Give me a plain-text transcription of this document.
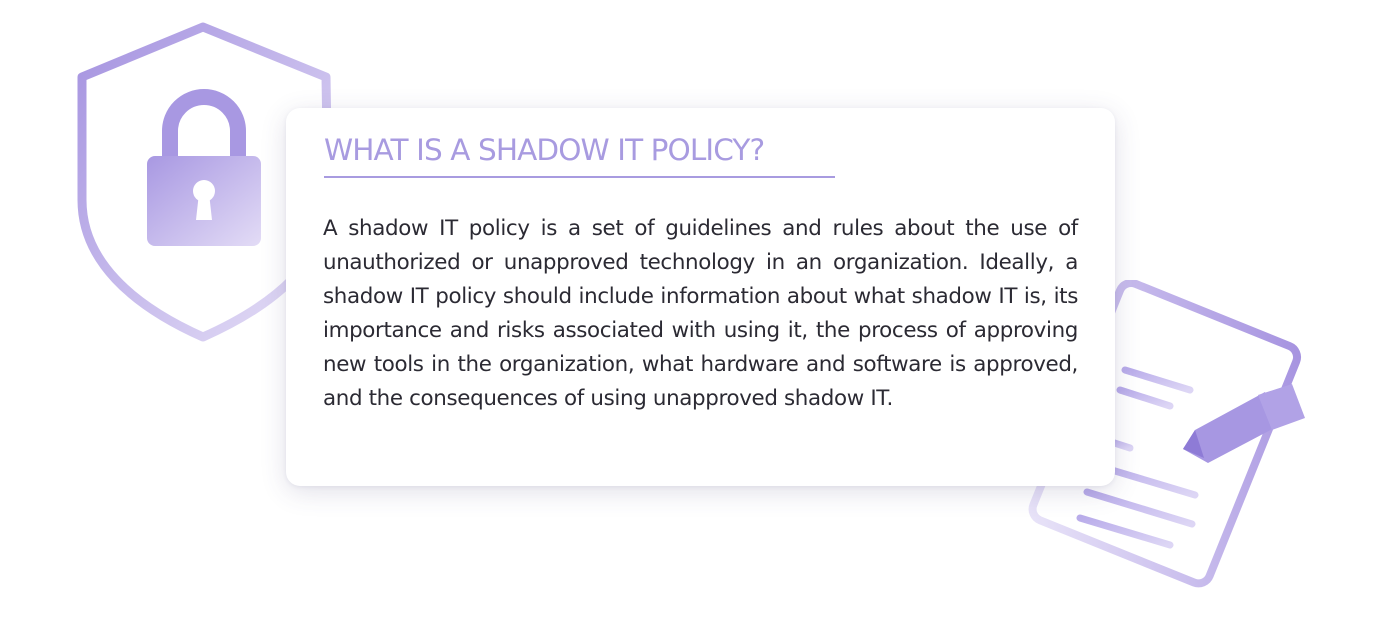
WHAT IS A SHADOW IT POLICY?

A shadow IT policy is a set of guidelines and rules about the use of unauthorized or unapproved technology in an organization. Ideally, a shadow IT policy should include information about what shadow IT is, its importance and risks associated with using it, the process of approving new tools in the organization, what hardware and software is approved, and the consequences of using unapproved shadow IT.
